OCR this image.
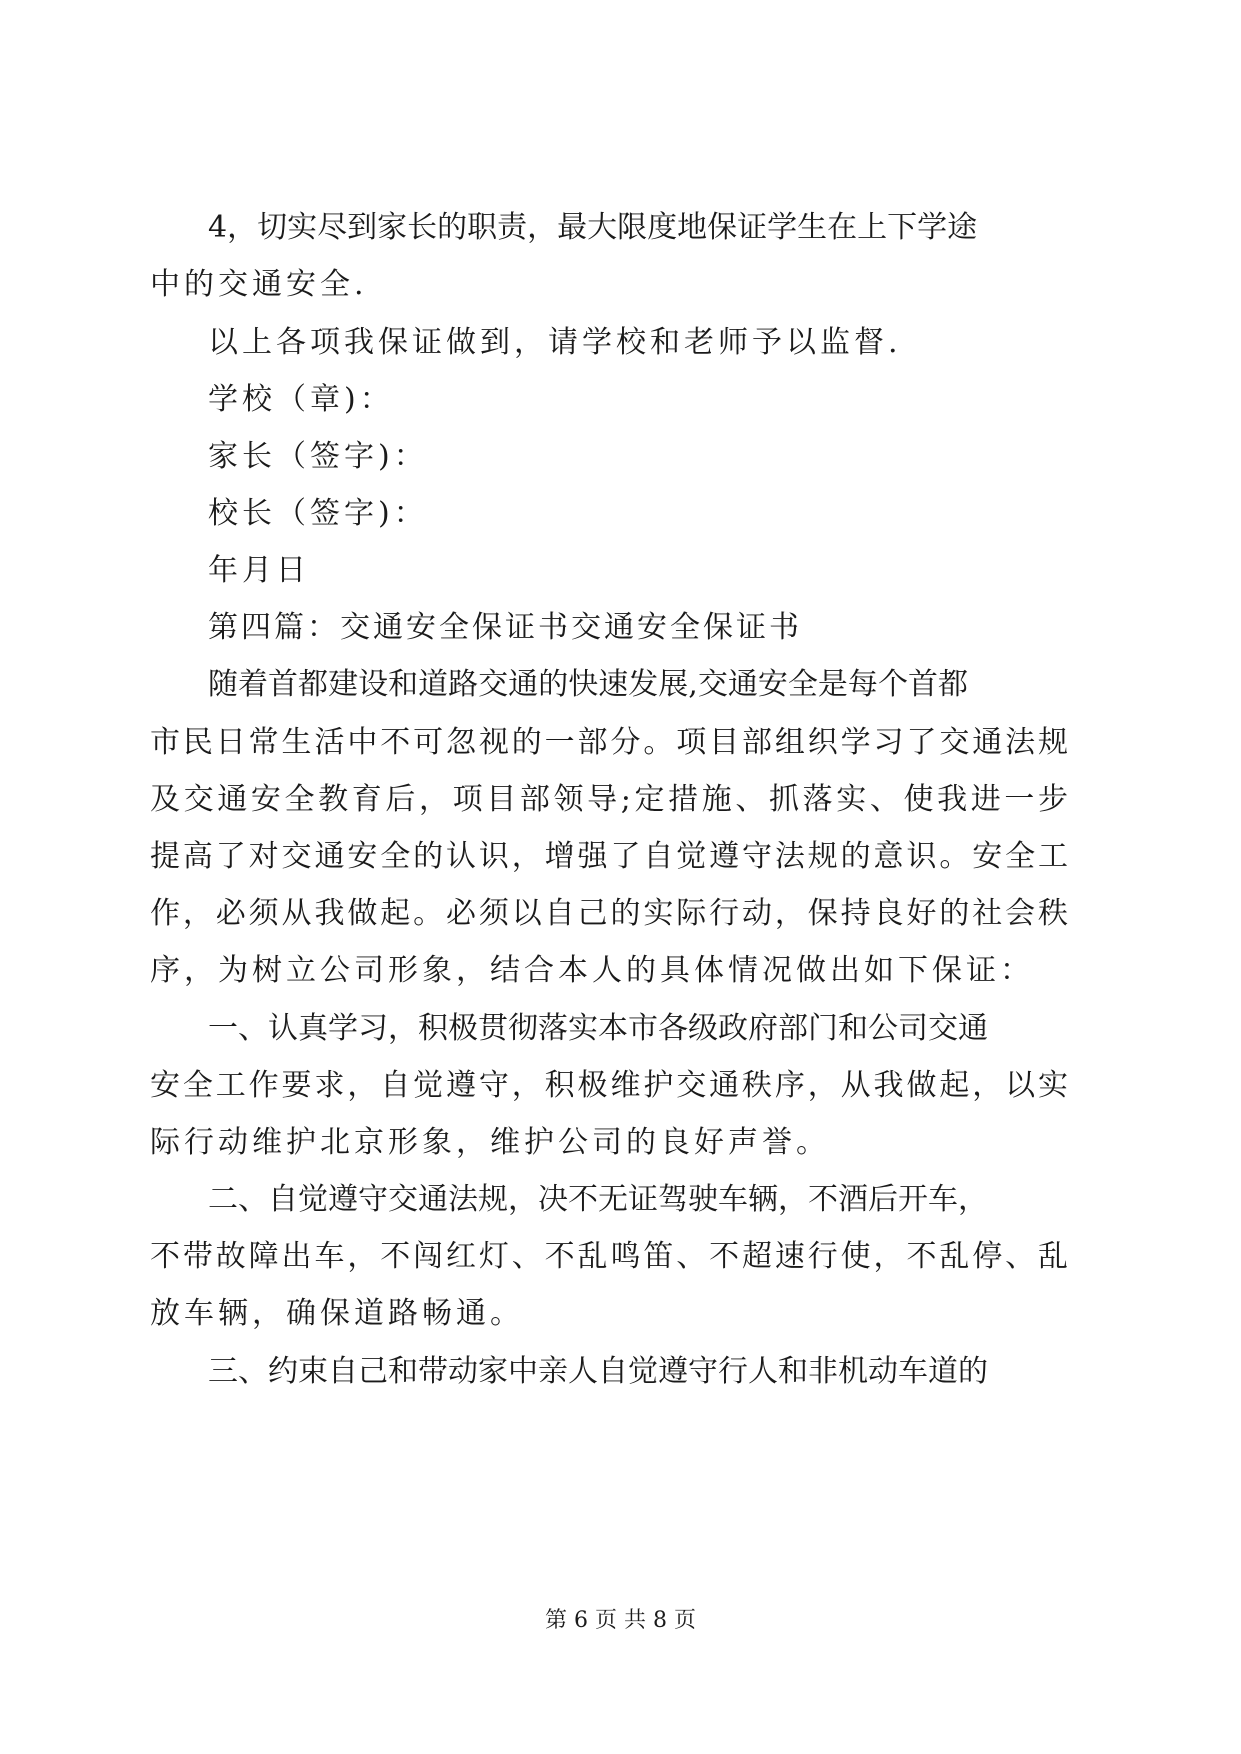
4，切实尽到家长的职责，最大限度地保证学生在上下学途
中的交通安全.
以上各项我保证做到，请学校和老师予以监督.
学校（章)：
家长（签字)：
校长（签字)：
年月日
第四篇：交通安全保证书交通安全保证书
随着首都建设和道路交通的快速发展,交通安全是每个首都
市民日常生活中不可忽视的一部分。项目部组织学习了交通法规
及交通安全教育后，项目部领导;定措施、抓落实、使我进一步
提高了对交通安全的认识，增强了自觉遵守法规的意识。安全工
作，必须从我做起。必须以自己的实际行动，保持良好的社会秩
序，为树立公司形象，结合本人的具体情况做出如下保证：
一、认真学习，积极贯彻落实本市各级政府部门和公司交通
安全工作要求，自觉遵守，积极维护交通秩序，从我做起，以实
际行动维护北京形象，维护公司的良好声誉。
二、自觉遵守交通法规，决不无证驾驶车辆，不酒后开车，
不带故障出车，不闯红灯、不乱鸣笛、不超速行使，不乱停、乱
放车辆，确保道路畅通。
三、约束自己和带动家中亲人自觉遵守行人和非机动车道的
第 6 页 共 8 页
